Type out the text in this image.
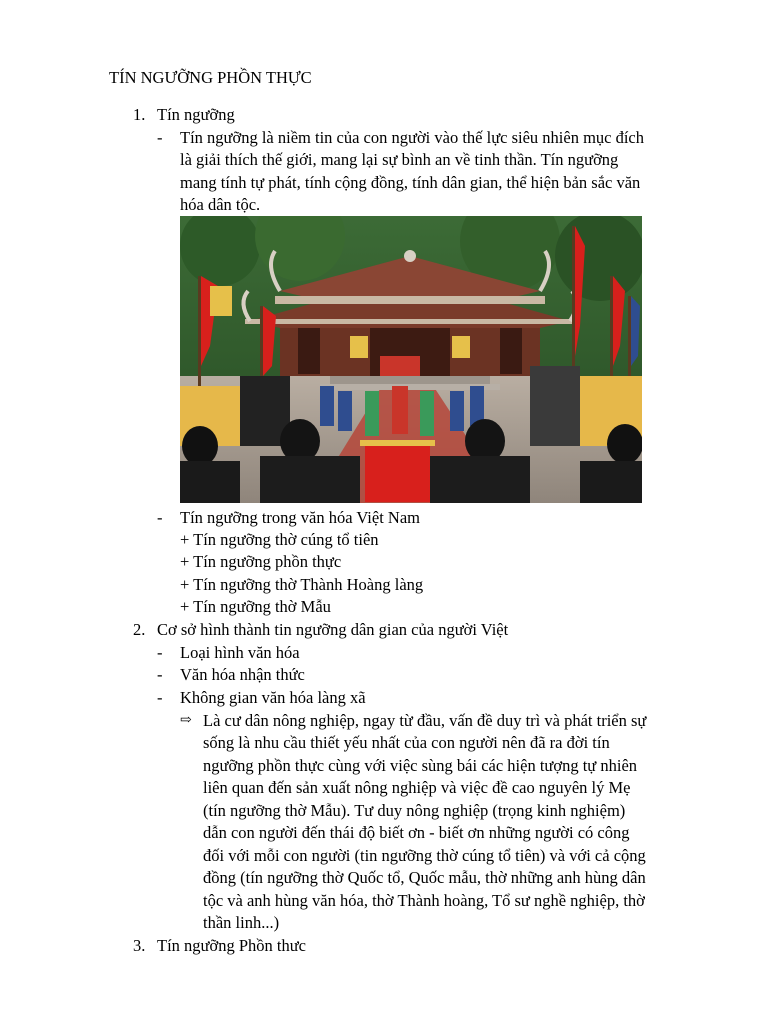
TÍN NGƯỠNG PHỒN THỰC
1. Tín ngưỡng
- Tín ngưỡng là niềm tin của con người vào thế lực siêu nhiên mục đích
là giải thích thế giới, mang lại sự bình an về tinh thần. Tín ngưỡng
mang tính tự phát, tính cộng đồng, tính dân gian, thể hiện bản sắc văn
hóa dân tộc.
- Tín ngưỡng trong văn hóa Việt Nam
+ Tín ngưỡng thờ cúng tổ tiên
+ Tín ngưỡng phồn thực
+ Tín ngưỡng thờ Thành Hoàng làng
+ Tín ngưỡng thờ Mẫu
2. Cơ sở hình thành tin ngưỡng dân gian của người Việt
- Loại hình văn hóa
- Văn hóa nhận thức
- Không gian văn hóa làng xã
⇨ Là cư dân nông nghiệp, ngay từ đầu, vấn đề duy trì và phát triển sự
sống là nhu cầu thiết yếu nhất của con người nên đã ra đời tín
ngưỡng phồn thực cùng với việc sùng bái các hiện tượng tự nhiên
liên quan đến sản xuất nông nghiệp và việc đề cao nguyên lý Mẹ
(tín ngưỡng thờ Mẫu). Tư duy nông nghiệp (trọng kinh nghiệm)
dẫn con người đến thái độ biết ơn - biết ơn những người có công
đối với mỗi con người (tin ngưỡng thờ cúng tổ tiên) và với cả cộng
đồng (tín ngưỡng thờ Quốc tổ, Quốc mẫu, thờ những anh hùng dân
tộc và anh hùng văn hóa, thờ Thành hoàng, Tổ sư nghề nghiệp, thờ
thần linh...)
3. Tín ngưỡng Phồn thưc
